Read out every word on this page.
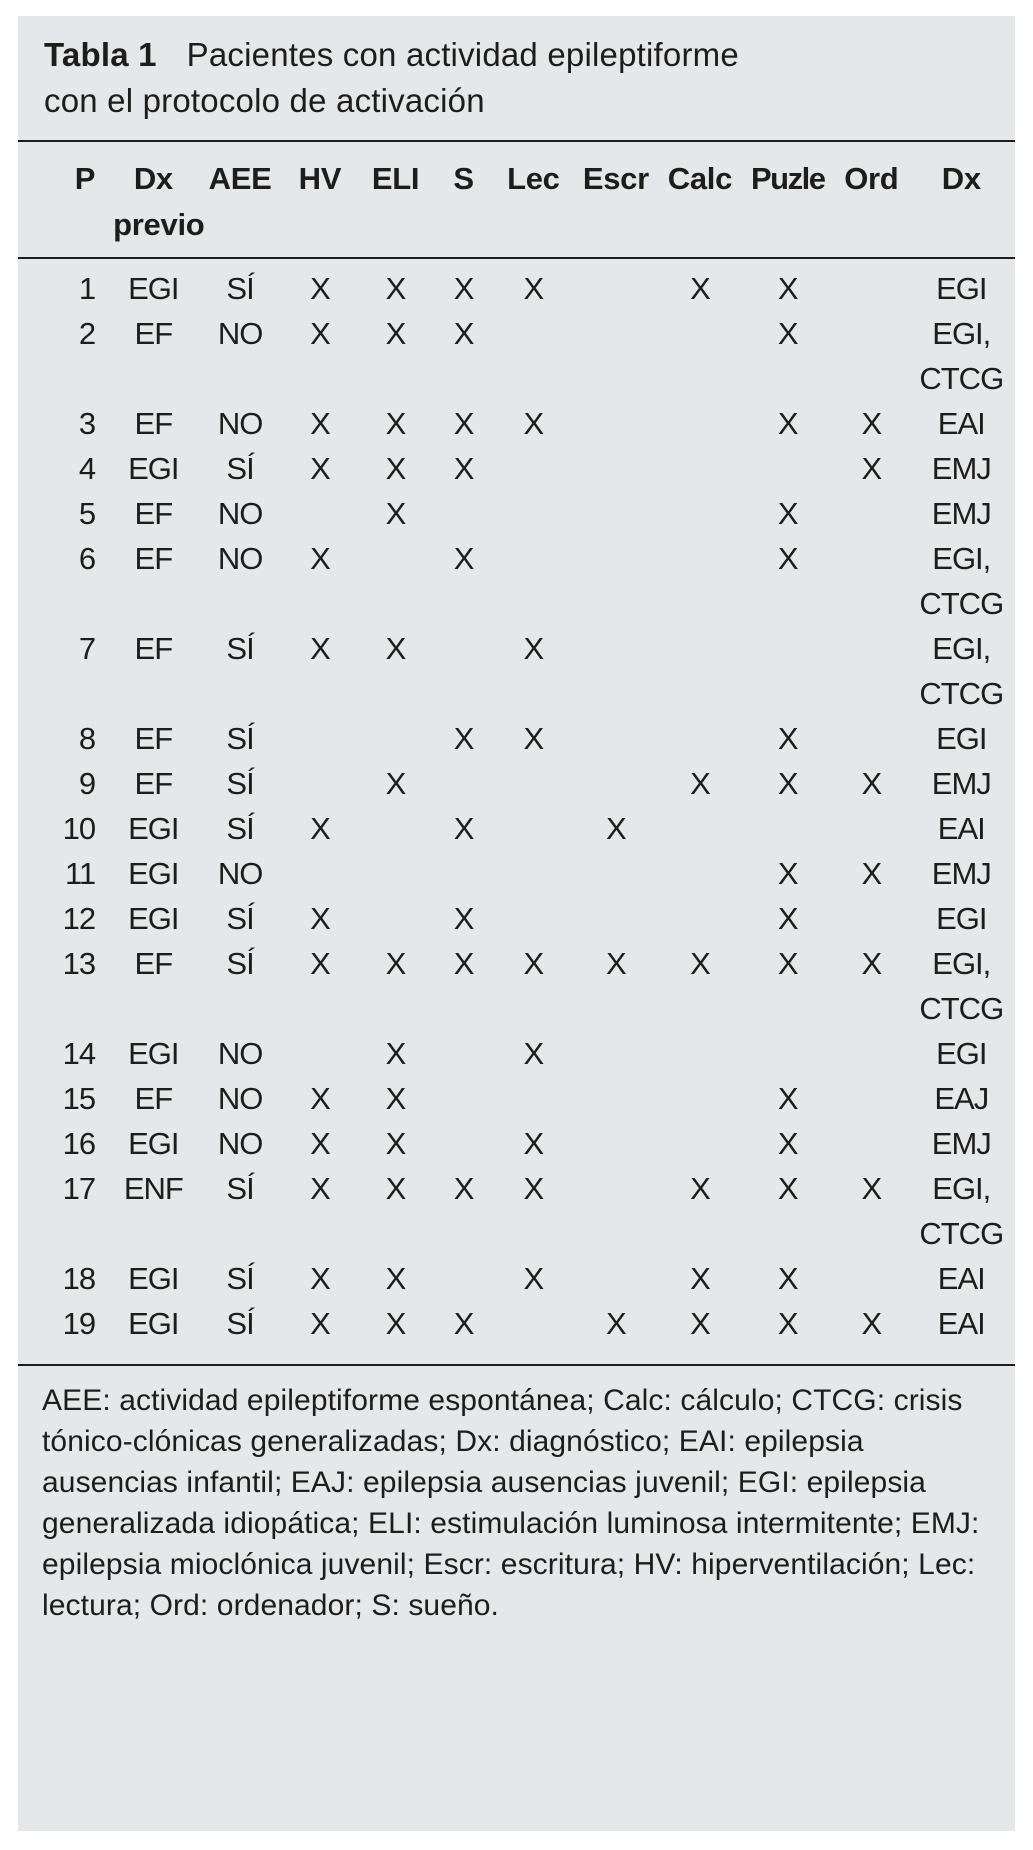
Tabla 1 Pacientes con actividad epileptiforme
con el protocolo de activación
P	Dx previo	AEE	HV	ELI	S	Lec	Escr	Calc	Puzle	Ord	Dx

1	EGI	SÍ	X	X	X	X		X	X		EGI
2	EF	NO	X	X	X				X		EGI, CTCG
3	EF	NO	X	X	X	X			X	X	EAI
4	EGI	SÍ	X	X	X					X	EMJ
5	EF	NO		X					X		EMJ
6	EF	NO	X		X				X		EGI, CTCG
7	EF	SÍ	X	X		X					EGI, CTCG
8	EF	SÍ			X	X			X		EGI
9	EF	SÍ		X				X	X	X	EMJ
10	EGI	SÍ	X		X		X				EAI
11	EGI	NO							X	X	EMJ
12	EGI	SÍ	X		X				X		EGI
13	EF	SÍ	X	X	X	X	X	X	X	X	EGI, CTCG
14	EGI	NO		X		X					EGI
15	EF	NO	X	X					X		EAJ
16	EGI	NO	X	X		X			X		EMJ
17	ENF	SÍ	X	X	X	X		X	X	X	EGI, CTCG
18	EGI	SÍ	X	X		X		X	X		EAI
19	EGI	SÍ	X	X	X		X	X	X	X	EAI
AEE: actividad epileptiforme espontánea; Calc: cálculo; CTCG: crisis tónico-clónicas generalizadas; Dx: diagnóstico; EAI: epilepsia ausencias infantil; EAJ: epilepsia ausencias juvenil; EGI: epilepsia generalizada idiopática; ELI: estimulación luminosa intermitente; EMJ: epilepsia mioclónica juvenil; Escr: escritura; HV: hiperventilación; Lec: lectura; Ord: ordenador; S: sueño.
